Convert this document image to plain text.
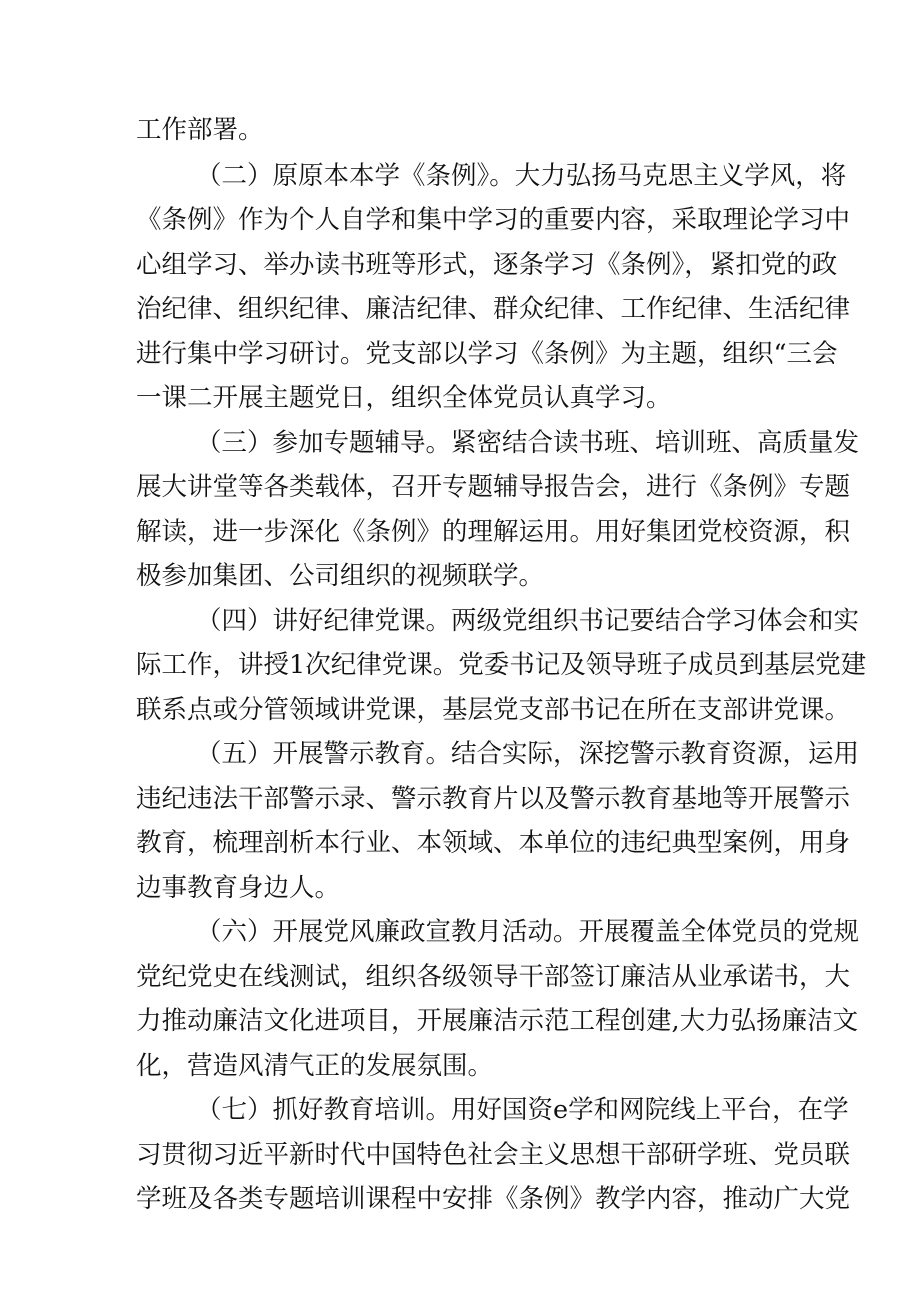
工作部署。
（二）原原本本学《条例》。大力弘扬马克思主义学风，将
《条例》作为个人自学和集中学习的重要内容，采取理论学习中
心组学习、举办读书班等形式，逐条学习《条例》，紧扣党的政
治纪律、组织纪律、廉洁纪律、群众纪律、工作纪律、生活纪律
进行集中学习研讨。党支部以学习《条例》为主题，组织“三会
一课二开展主题党日，组织全体党员认真学习。
（三）参加专题辅导。紧密结合读书班、培训班、高质量发
展大讲堂等各类载体，召开专题辅导报告会，进行《条例》专题
解读，进一步深化《条例》的理解运用。用好集团党校资源，积
极参加集团、公司组织的视频联学。
（四）讲好纪律党课。两级党组织书记要结合学习体会和实
际工作，讲授1次纪律党课。党委书记及领导班子成员到基层党建
联系点或分管领域讲党课，基层党支部书记在所在支部讲党课。
（五）开展警示教育。结合实际，深挖警示教育资源，运用
违纪违法干部警示录、警示教育片以及警示教育基地等开展警示
教育，梳理剖析本行业、本领域、本单位的违纪典型案例，用身
边事教育身边人。
（六）开展党风廉政宣教月活动。开展覆盖全体党员的党规
党纪党史在线测试，组织各级领导干部签订廉洁从业承诺书，大
力推动廉洁文化进项目，开展廉洁示范工程创建,大力弘扬廉洁文
化，营造风清气正的发展氛围。
（七）抓好教育培训。用好国资e学和网院线上平台，在学
习贯彻习近平新时代中国特色社会主义思想干部研学班、党员联
学班及各类专题培训课程中安排《条例》教学内容，推动广大党
